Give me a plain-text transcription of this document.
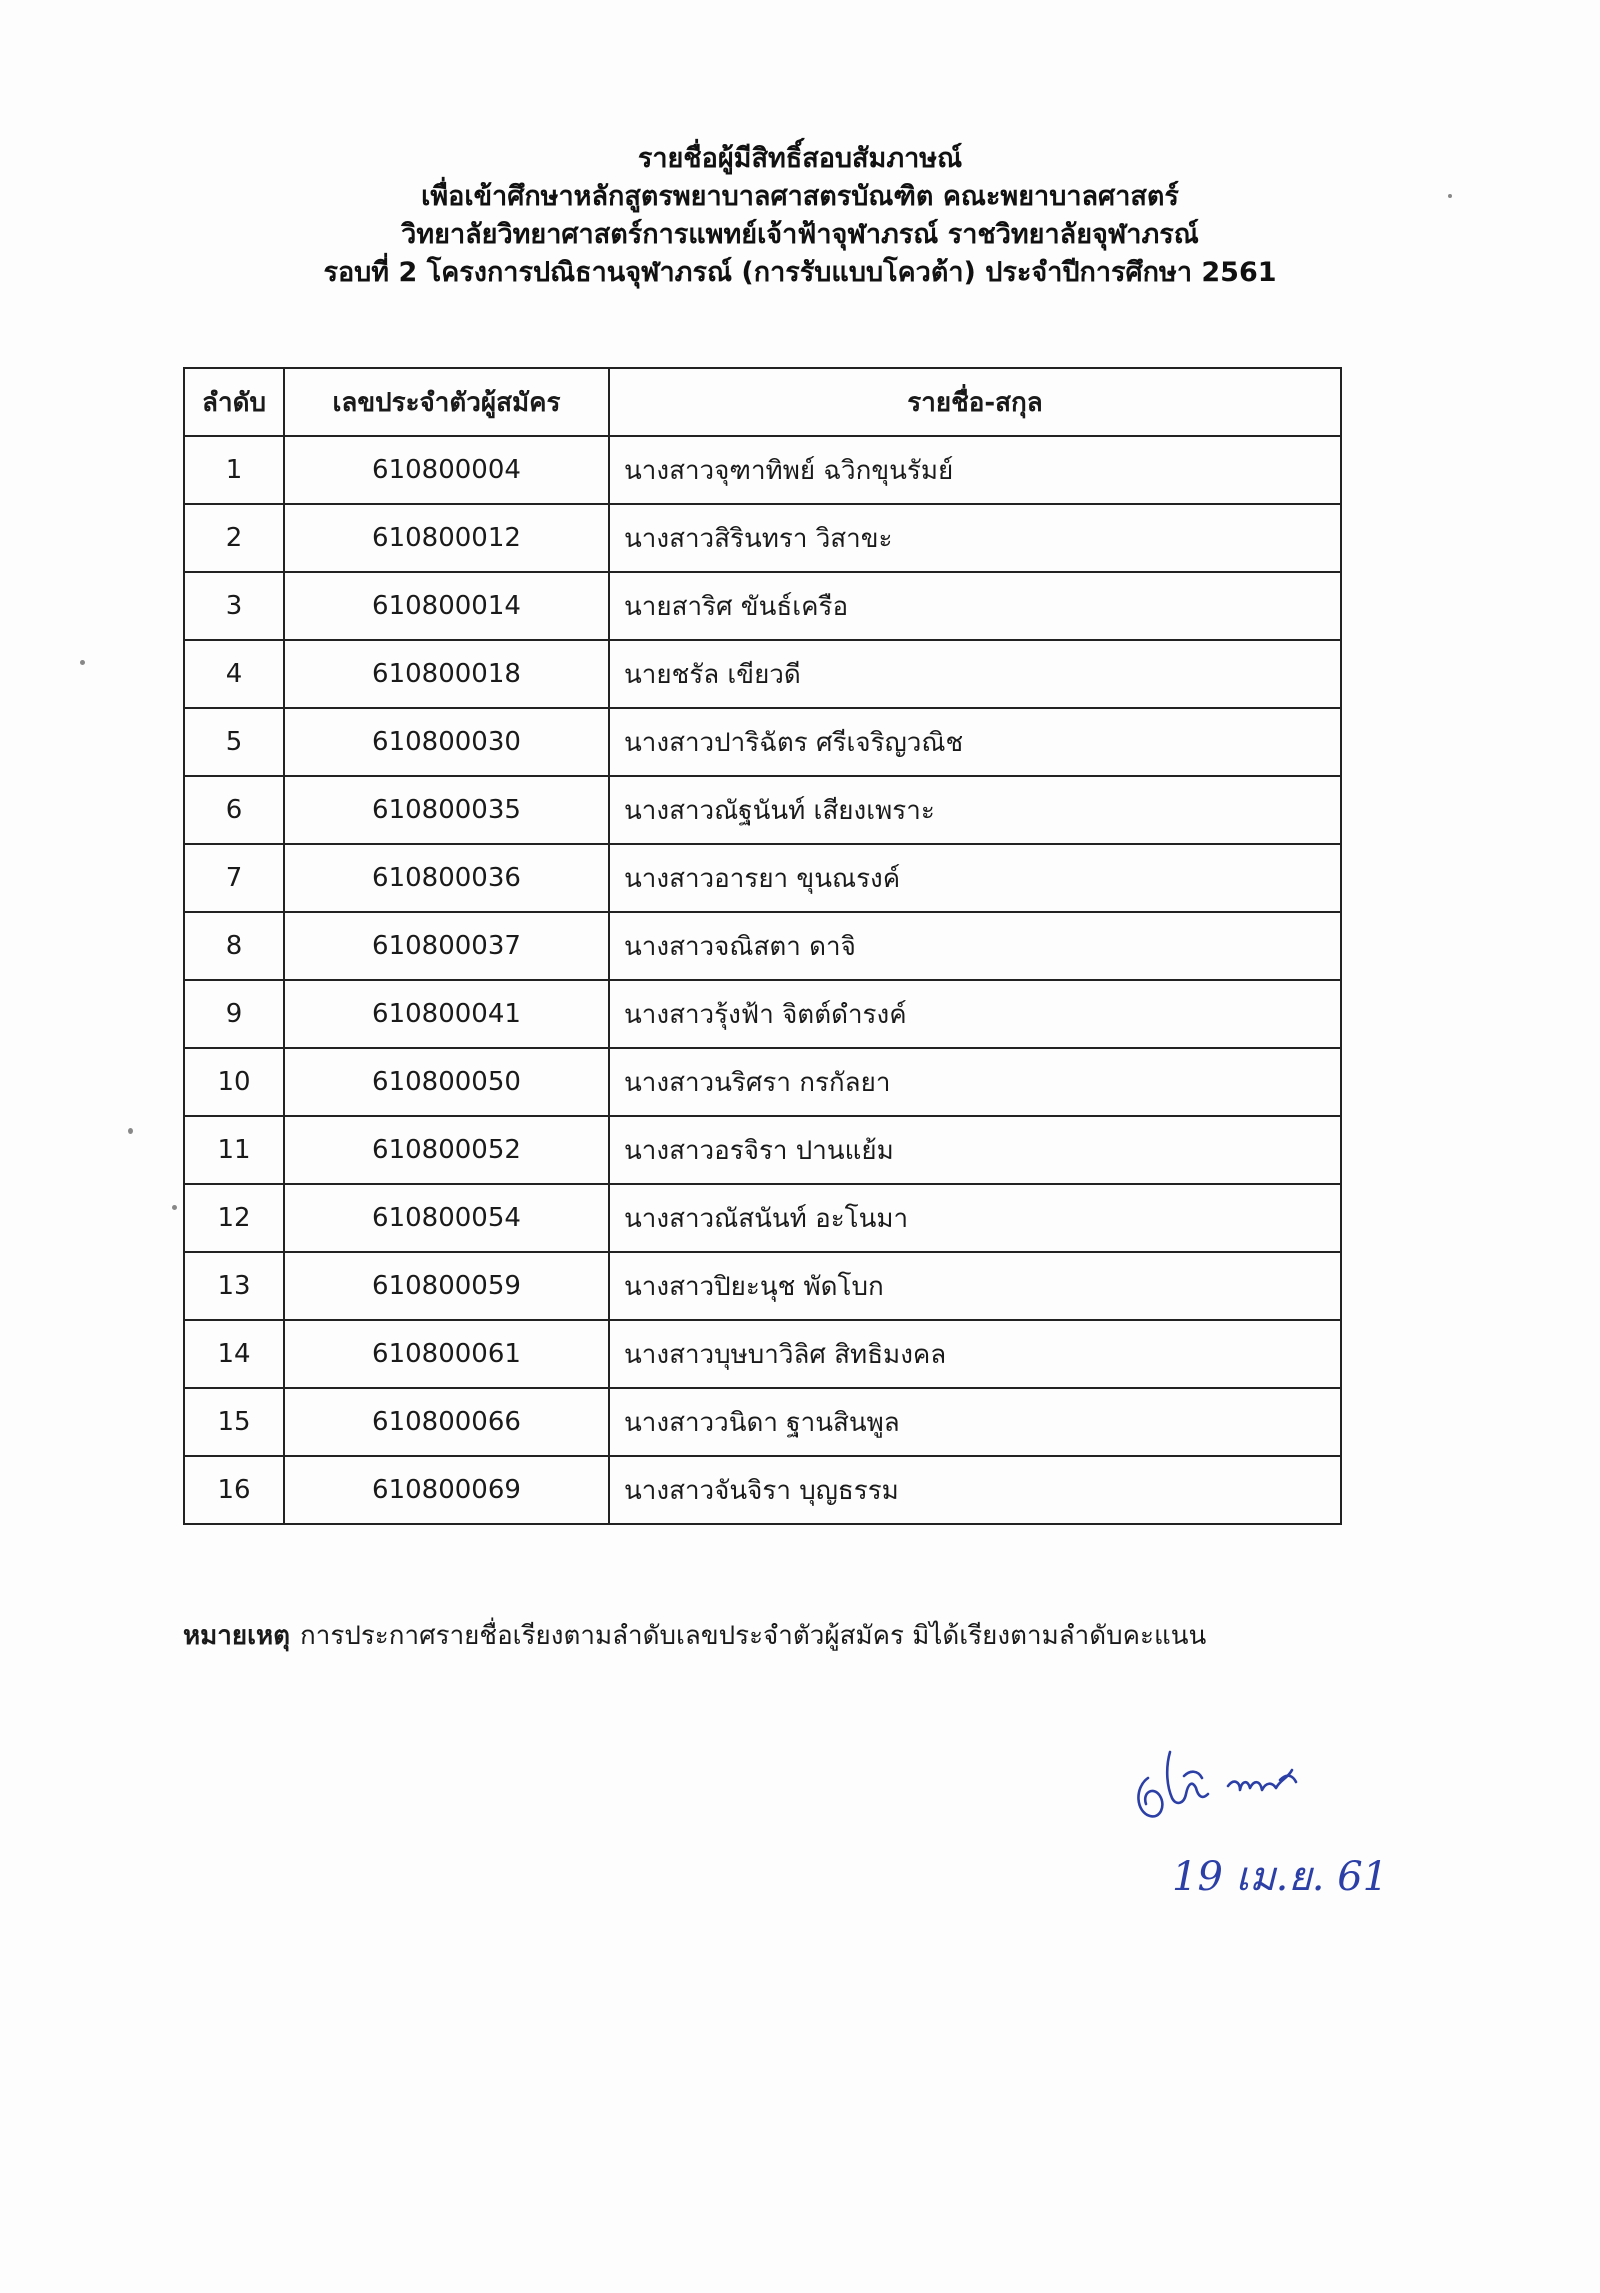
รายชื่อผู้มีสิทธิ์สอบสัมภาษณ์
เพื่อเข้าศึกษาหลักสูตรพยาบาลศาสตรบัณฑิต คณะพยาบาลศาสตร์
วิทยาลัยวิทยาศาสตร์การแพทย์เจ้าฟ้าจุฬาภรณ์ ราชวิทยาลัยจุฬาภรณ์
รอบที่ 2 โครงการปณิธานจุฬาภรณ์ (การรับแบบโควต้า) ประจำปีการศึกษา 2561
ลำดับ	เลขประจำตัวผู้สมัคร	รายชื่อ-สกุล
1	610800004	นางสาวจุฑาทิพย์ ฉวิกขุนรัมย์
2	610800012	นางสาวสิรินทรา วิสาขะ
3	610800014	นายสาริศ ขันธ์เครือ
4	610800018	นายชรัล เขียวดี
5	610800030	นางสาวปาริฉัตร ศรีเจริญวณิช
6	610800035	นางสาวณัฐนันท์ เสียงเพราะ
7	610800036	นางสาวอารยา ขุนณรงค์
8	610800037	นางสาวจณิสตา ดาจิ
9	610800041	นางสาวรุ้งฟ้า จิตต์ดำรงค์
10	610800050	นางสาวนริศรา กรกัลยา
11	610800052	นางสาวอรจิรา ปานแย้ม
12	610800054	นางสาวณัสนันท์ อะโนมา
13	610800059	นางสาวปิยะนุช พัดโบก
14	610800061	นางสาวบุษบาวิลิศ สิทธิมงคล
15	610800066	นางสาววนิดา ฐานสินพูล
16	610800069	นางสาวจันจิรา บุญธรรม
หมายเหตุ การประกาศรายชื่อเรียงตามลำดับเลขประจำตัวผู้สมัคร มิได้เรียงตามลำดับคะแนน
19 เม.ย. 61
